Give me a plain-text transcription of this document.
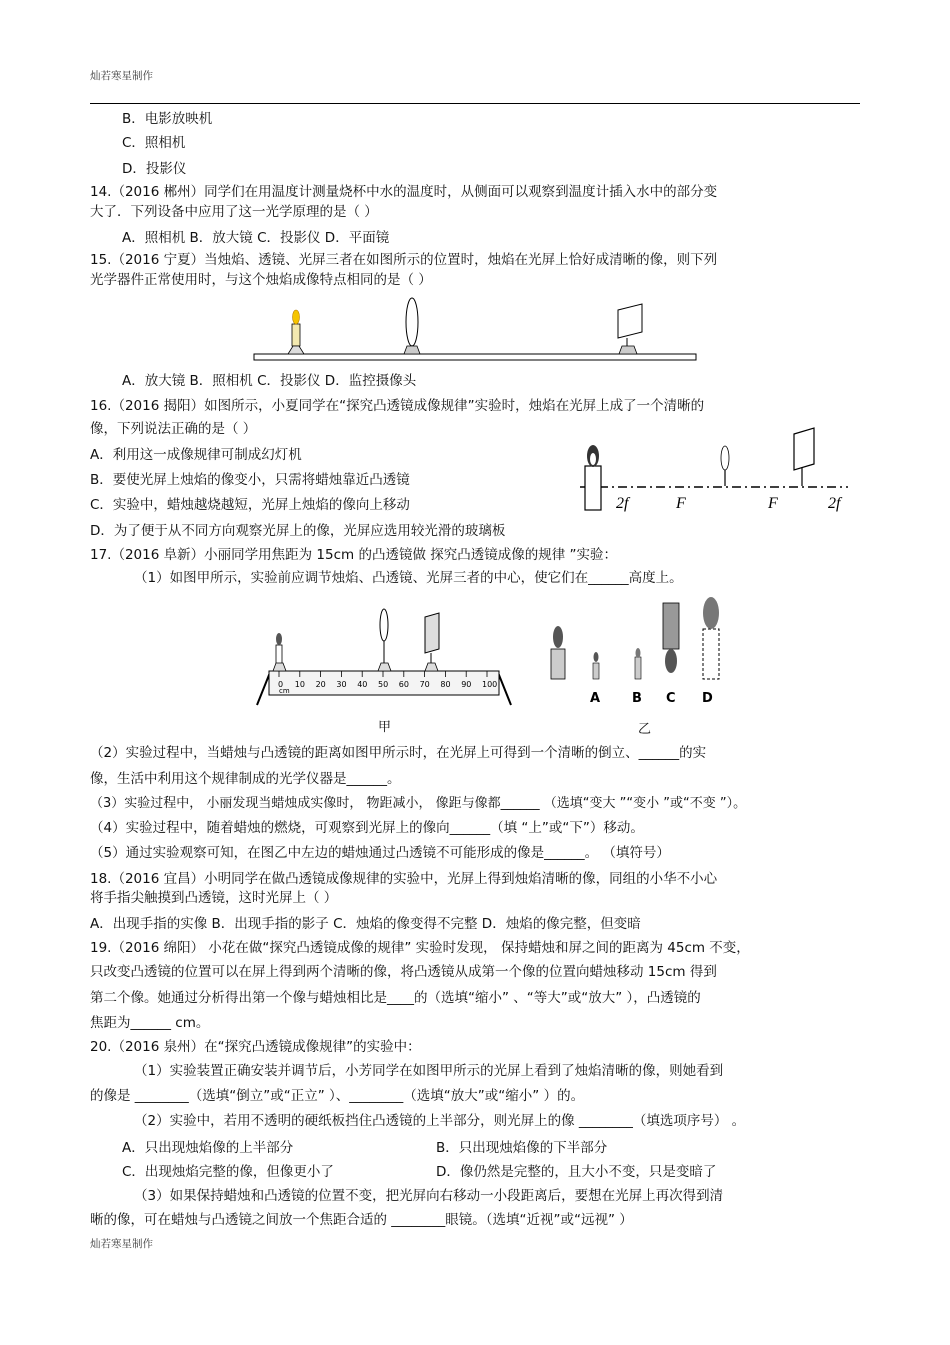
灿若寒星制作
B．电影放映机
C．照相机
D．投影仪
14.（2016 郴州）同学们在用温度计测量烧杯中水的温度时，从侧面可以观察到温度计插入水中的部分变
大了．下列设备中应用了这一光学原理的是（ ）
A．照相机 B．放大镜 C．投影仪 D．平面镜
15.（2016 宁夏）当烛焰、透镜、光屏三者在如图所示的位置时，烛焰在光屏上恰好成清晰的像，则下列
光学器件正常使用时，与这个烛焰成像特点相同的是（ ）
A．放大镜 B．照相机 C．投影仪 D．监控摄像头
16.（2016 揭阳）如图所示，小夏同学在“探究凸透镜成像规律”实验时，烛焰在光屏上成了一个清晰的
像，下列说法正确的是（ ）
A．利用这一成像规律可制成幻灯机
B．要使光屏上烛焰的像变小，只需将蜡烛靠近凸透镜
C．实验中，蜡烛越烧越短，光屏上烛焰的像向上移动
D．为了便于从不同方向观察光屏上的像，光屏应选用较光滑的玻璃板
2f	F	F	2f
17.（2016 阜新）小丽同学用焦距为 15cm 的凸透镜做 探究凸透镜成像的规律 ”实验：
（1）如图甲所示，实验前应调节烛焰、凸透镜、光屏三者的中心，使它们在______高度上。
0 10 20 30 40 50 60 70 80 90 100
cm
甲
A B C D
乙
（2）实验过程中，当蜡烛与凸透镜的距离如图甲所示时，在光屏上可得到一个清晰的倒立、______的实
像，生活中利用这个规律制成的光学仪器是______。
（3）实验过程中， 小丽发现当蜡烛成实像时， 物距减小， 像距与像都______ （选填“变大 ”“变小 ”或“不变 ”）。
（4）实验过程中，随着蜡烛的燃烧，可观察到光屏上的像向______（填 “上”或“下”）移动。
（5）通过实验观察可知，在图乙中左边的蜡烛通过凸透镜不可能形成的像是______。 （填符号）
18.（2016 宜昌）小明同学在做凸透镜成像规律的实验中，光屏上得到烛焰清晰的像，同组的小华不小心
将手指尖触摸到凸透镜，这时光屏上（ ）
A．出现手指的实像 B．出现手指的影子 C．烛焰的像变得不完整 D．烛焰的像完整，但变暗
19.（2016 绵阳） 小花在做“探究凸透镜成像的规律” 实验时发现， 保持蜡烛和屏之间的距离为 45cm 不变，
只改变凸透镜的位置可以在屏上得到两个清晰的像，将凸透镜从成第一个像的位置向蜡烛移动 15cm 得到
第二个像。她通过分析得出第一个像与蜡烛相比是____的（选填“缩小” 、“等大”或“放大” ），凸透镜的
焦距为______ cm。
20.（2016 泉州）在“探究凸透镜成像规律”的实验中：
（1）实验装置正确安装并调节后，小芳同学在如图甲所示的光屏上看到了烛焰清晰的像，则她看到
的像是 ________（选填“倒立”或“正立” ）、________（选填“放大”或“缩小” ）的。
（2）实验中，若用不透明的硬纸板挡住凸透镜的上半部分，则光屏上的像 ________（填选项序号） 。
A．只出现烛焰像的上半部分	B．只出现烛焰像的下半部分
C．出现烛焰完整的像，但像更小了	D．像仍然是完整的，且大小不变，只是变暗了
（3）如果保持蜡烛和凸透镜的位置不变，把光屏向右移动一小段距离后，要想在光屏上再次得到清
晰的像，可在蜡烛与凸透镜之间放一个焦距合适的 ________眼镜。（选填“近视”或“远视” ）
灿若寒星制作
